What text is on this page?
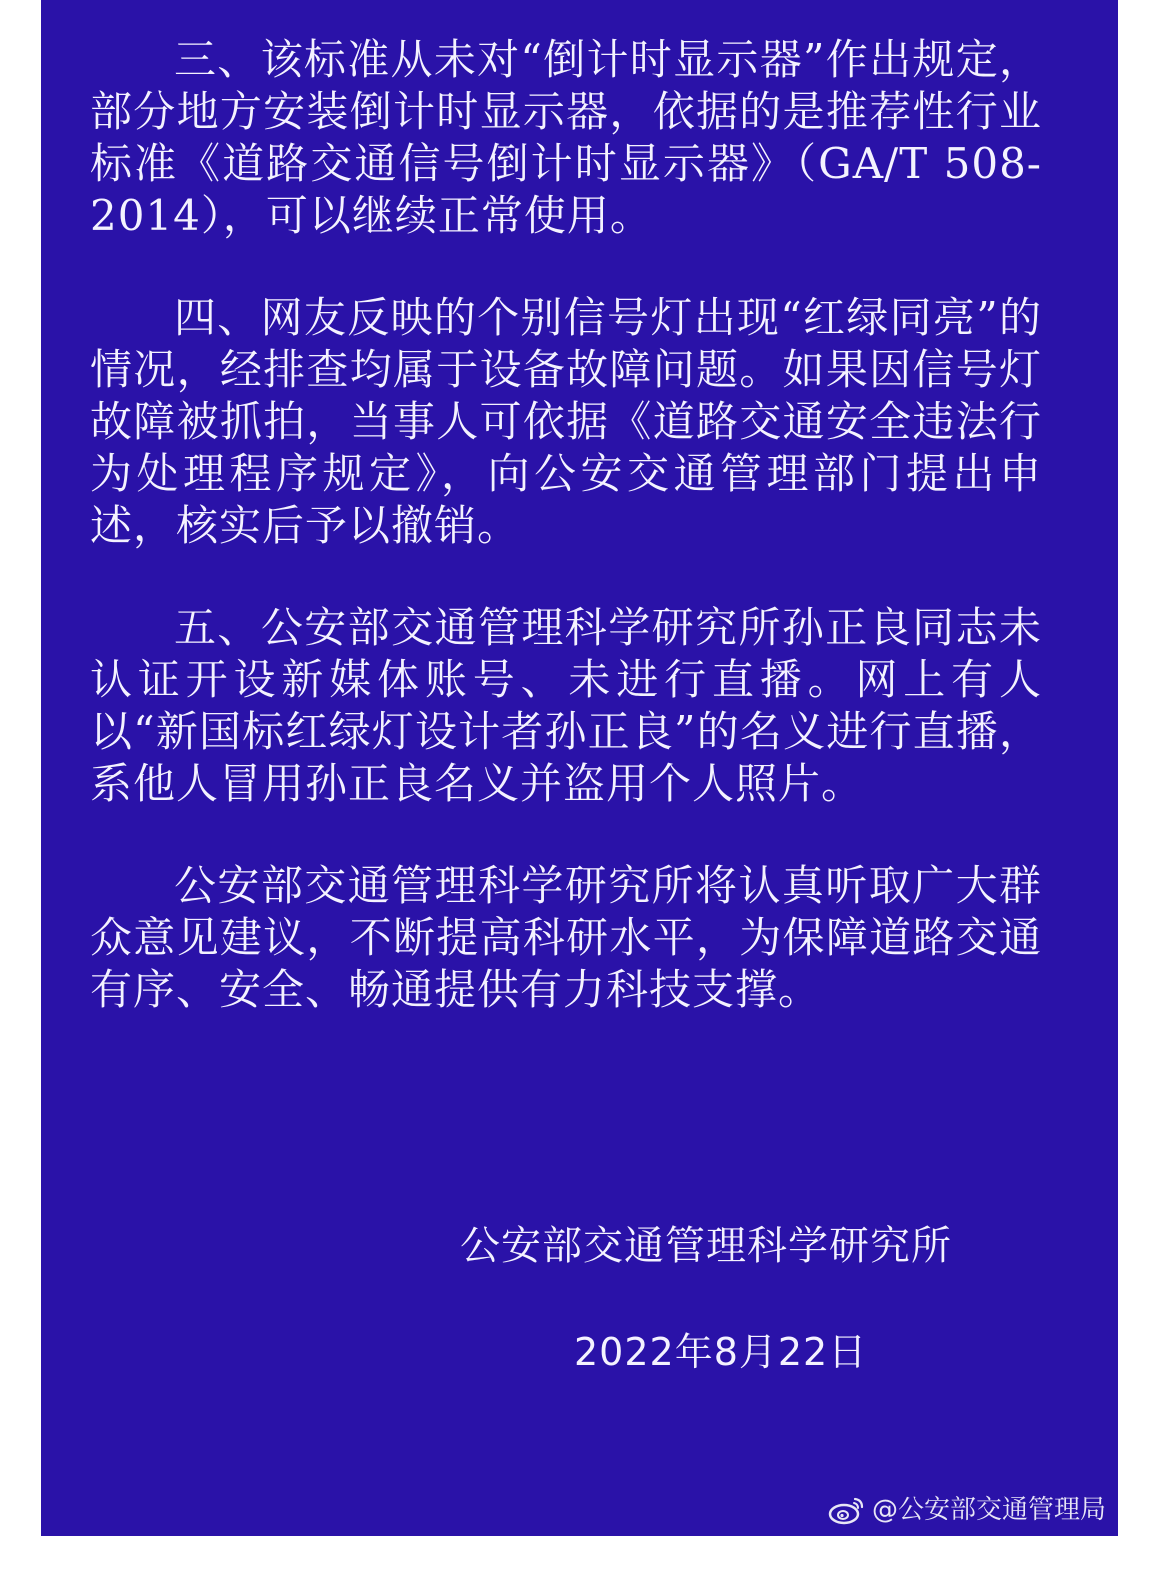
三、该标准从未对“倒计时显示器”作出规定，部分地方安装倒计时显示器，依据的是推荐性行业标准《道路交通信号倒计时显示器》（GA/T 508-2014），可以继续正常使用。

四、网友反映的个别信号灯出现“红绿同亮”的情况，经排查均属于设备故障问题。如果因信号灯故障被抓拍，当事人可依据《道路交通安全违法行为处理程序规定》，向公安交通管理部门提出申述，核实后予以撤销。

五、公安部交通管理科学研究所孙正良同志未认证开设新媒体账号、未进行直播。网上有人以“新国标红绿灯设计者孙正良”的名义进行直播，系他人冒用孙正良名义并盗用个人照片。

公安部交通管理科学研究所将认真听取广大群众意见建议，不断提高科研水平，为保障道路交通有序、安全、畅通提供有力科技支撑。

公安部交通管理科学研究所

2022年8月22日

@公安部交通管理局
